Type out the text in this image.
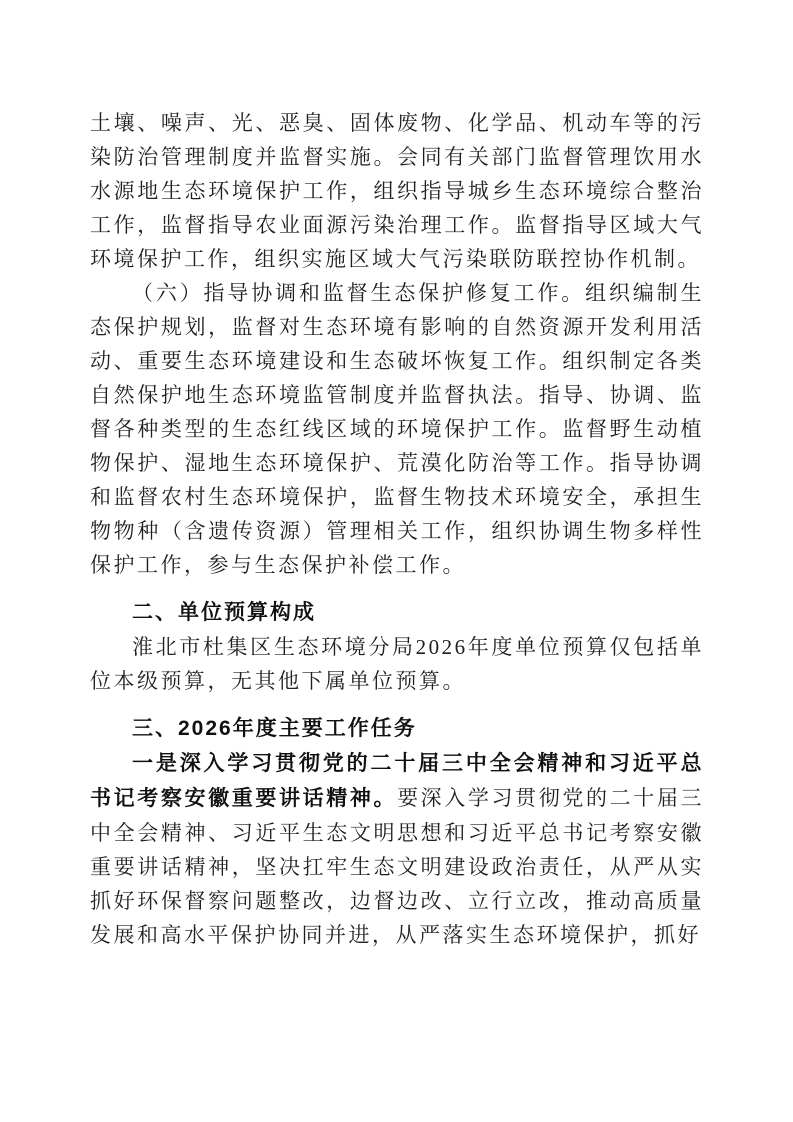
土壤、噪声、光、恶臭、固体废物、化学品、机动车等的污染防治管理制度并监督实施。会同有关部门监督管理饮用水水源地生态环境保护工作，组织指导城乡生态环境综合整治工作，监督指导农业面源污染治理工作。监督指导区域大气环境保护工作，组织实施区域大气污染联防联控协作机制。

（六）指导协调和监督生态保护修复工作。组织编制生态保护规划，监督对生态环境有影响的自然资源开发利用活动、重要生态环境建设和生态破坏恢复工作。组织制定各类自然保护地生态环境监管制度并监督执法。指导、协调、监督各种类型的生态红线区域的环境保护工作。监督野生动植物保护、湿地生态环境保护、荒漠化防治等工作。指导协调和监督农村生态环境保护，监督生物技术环境安全，承担生物物种（含遗传资源）管理相关工作，组织协调生物多样性保护工作，参与生态保护补偿工作。

二、单位预算构成

淮北市杜集区生态环境分局2026年度单位预算仅包括单位本级预算，无其他下属单位预算。

三、2026年度主要工作任务

一是深入学习贯彻党的二十届三中全会精神和习近平总书记考察安徽重要讲话精神。要深入学习贯彻党的二十届三中全会精神、习近平生态文明思想和习近平总书记考察安徽重要讲话精神，坚决扛牢生态文明建设政治责任，从严从实抓好环保督察问题整改，边督边改、立行立改，推动高质量发展和高水平保护协同并进，从严落实生态环境保护，抓好
